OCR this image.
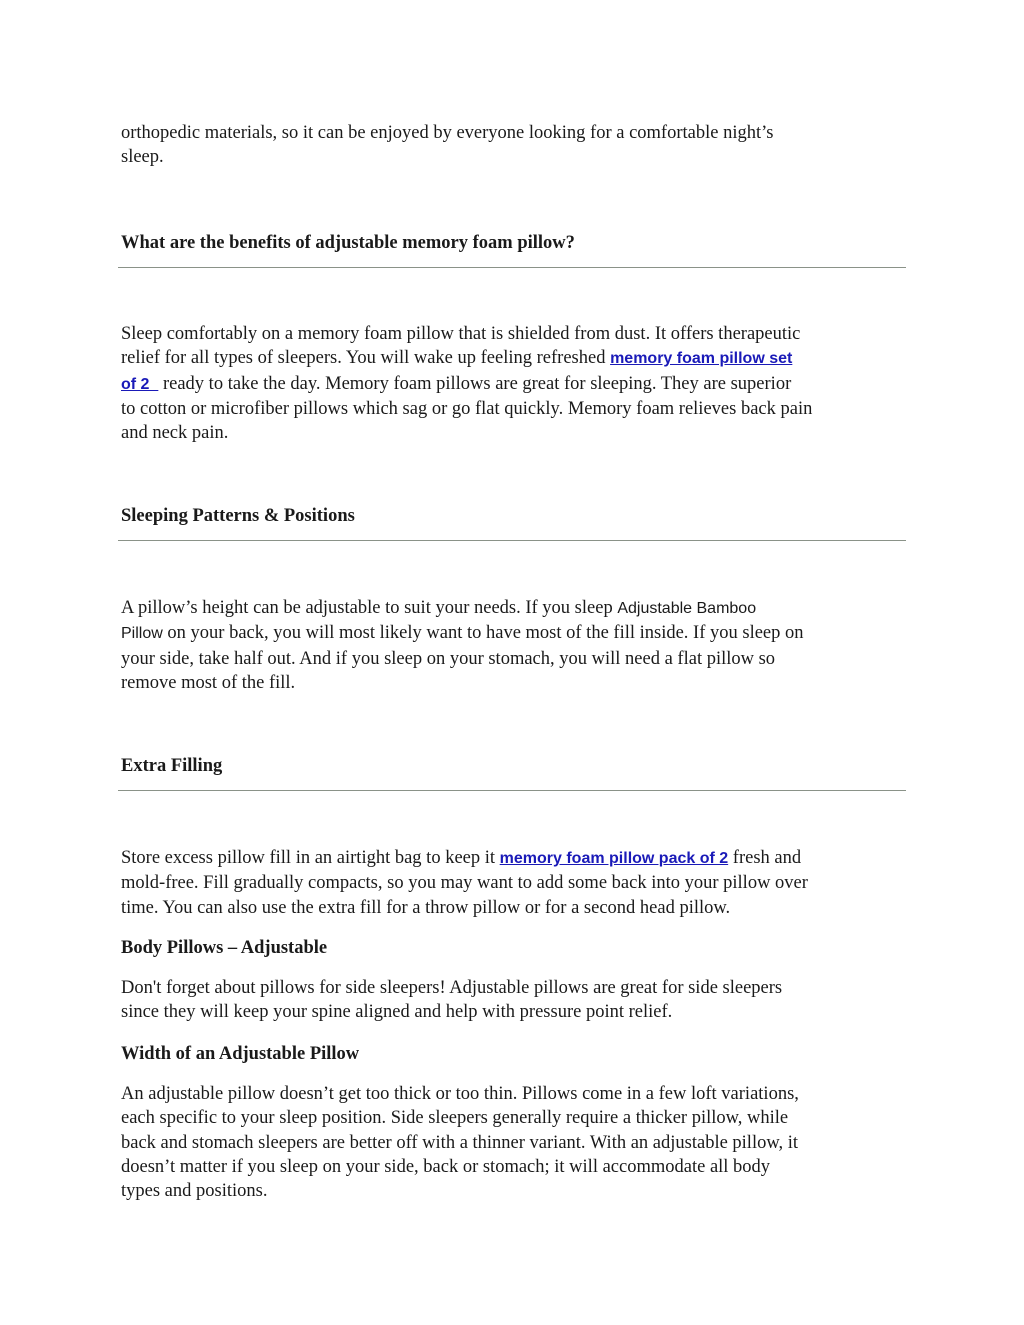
orthopedic materials, so it can be enjoyed by everyone looking for a comfortable night’s
sleep.

What are the benefits of adjustable memory foam pillow?

Sleep comfortably on a memory foam pillow that is shielded from dust. It offers therapeutic
relief for all types of sleepers. You will wake up feeling refreshed memory foam pillow set
of 2   ready to take the day. Memory foam pillows are great for sleeping. They are superior
to cotton or microfiber pillows which sag or go flat quickly. Memory foam relieves back pain
and neck pain.

Sleeping Patterns & Positions

A pillow’s height can be adjustable to suit your needs. If you sleep Adjustable Bamboo
Pillow on your back, you will most likely want to have most of the fill inside. If you sleep on
your side, take half out. And if you sleep on your stomach, you will need a flat pillow so
remove most of the fill.

Extra Filling

Store excess pillow fill in an airtight bag to keep it memory foam pillow pack of 2 fresh and
mold-free. Fill gradually compacts, so you may want to add some back into your pillow over
time. You can also use the extra fill for a throw pillow or for a second head pillow.

Body Pillows – Adjustable

Don't forget about pillows for side sleepers! Adjustable pillows are great for side sleepers
since they will keep your spine aligned and help with pressure point relief.

Width of an Adjustable Pillow

An adjustable pillow doesn’t get too thick or too thin. Pillows come in a few loft variations,
each specific to your sleep position. Side sleepers generally require a thicker pillow, while
back and stomach sleepers are better off with a thinner variant. With an adjustable pillow, it
doesn’t matter if you sleep on your side, back or stomach; it will accommodate all body
types and positions.
